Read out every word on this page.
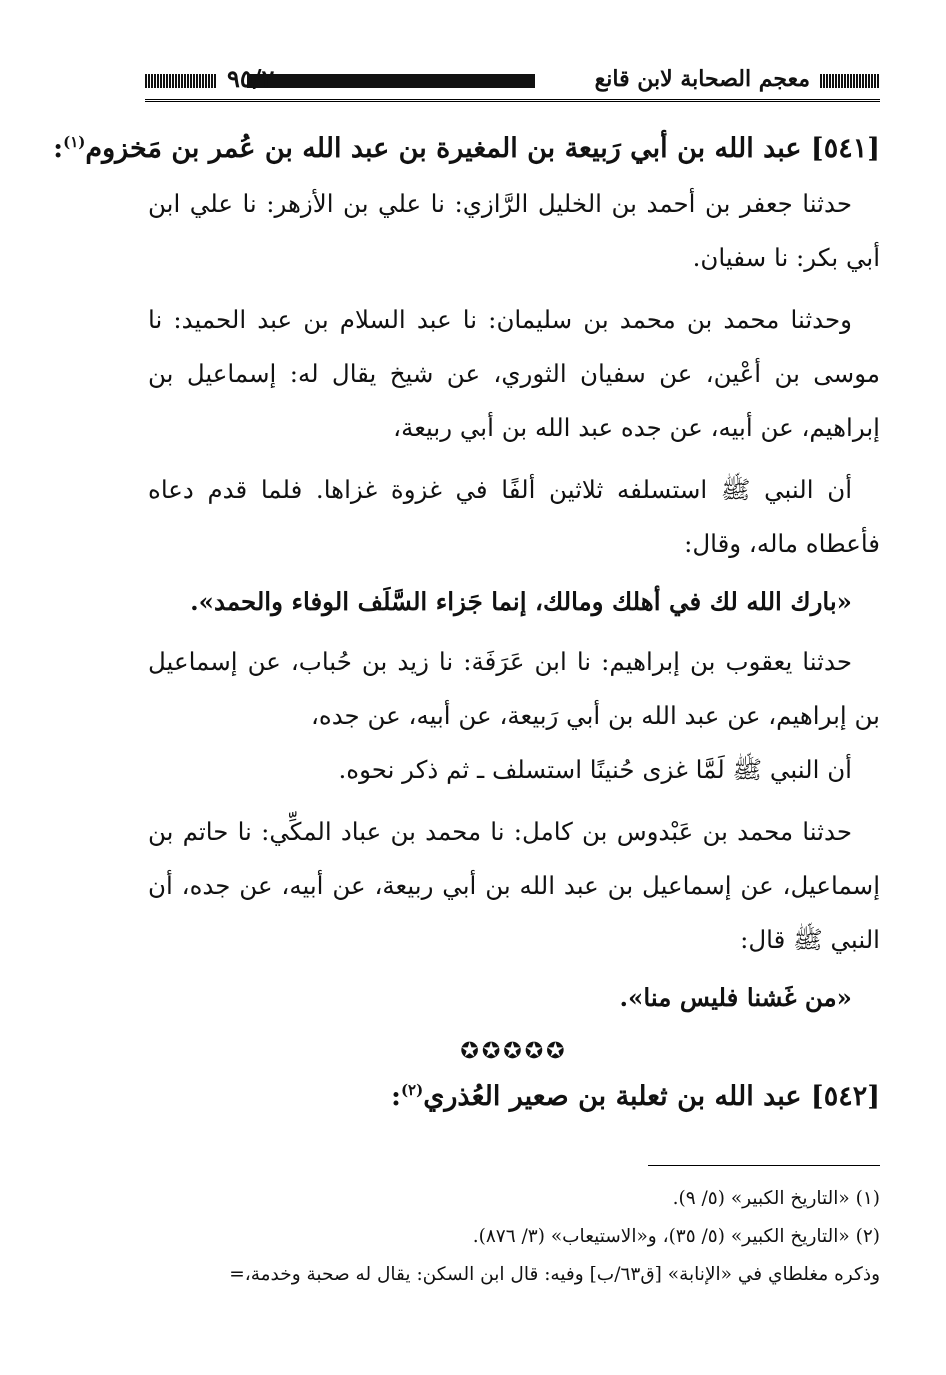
معجم الصحابة لابن قانع
٩٥/٢
[٥٤١] عبد الله بن أبي رَبيعة بن المغيرة بن عبد الله بن عُمر بن مَخزوم$^{(١)}$:

حدثنا جعفر بن أحمد بن الخليل الرَّازي: نا علي بن الأزهر: نا علي ابن أبي بكر: نا سفيان.

وحدثنا محمد بن محمد بن سليمان: نا عبد السلام بن عبد الحميد: نا موسى بن أعْين، عن سفيان الثوري، عن شيخ يقال له: إسماعيل بن إبراهيم، عن أبيه، عن جده عبد الله بن أبي ربيعة،

أن النبي ﷺ استسلفه ثلاثين ألفًا في غزوة غزاها. فلما قدم دعاه فأعطاه ماله، وقال:

«بارك الله لك في أهلك ومالك، إنما جَزاء السَّلَف الوفاء والحمد».

حدثنا يعقوب بن إبراهيم: نا ابن عَرَفَة: نا زيد بن حُباب، عن إسماعيل بن إبراهيم، عن عبد الله بن أبي رَبيعة، عن أبيه، عن جده،

أن النبي ﷺ لَمَّا غزى حُنينًا استسلف ـ ثم ذكر نحوه.

حدثنا محمد بن عَبْدوس بن كامل: نا محمد بن عباد المكِّي: نا حاتم بن إسماعيل، عن إسماعيل بن عبد الله بن أبي ربيعة، عن أبيه، عن جده، أن النبي ﷺ قال:

«من غَشنا فليس منا».

✪✪✪✪✪
[٥٤٢] عبد الله بن ثعلبة بن صعير العُذري$^{(٢)}$:
(١) «التاريخ الكبير» (٥/ ٩).
(٢) «التاريخ الكبير» (٥/ ٣٥)، و«الاستيعاب» (٣/ ٨٧٦).
وذكره مغلطاي في «الإنابة» [ق٦٣/ب] وفيه: قال ابن السكن: يقال له صحبة وخدمة،=
